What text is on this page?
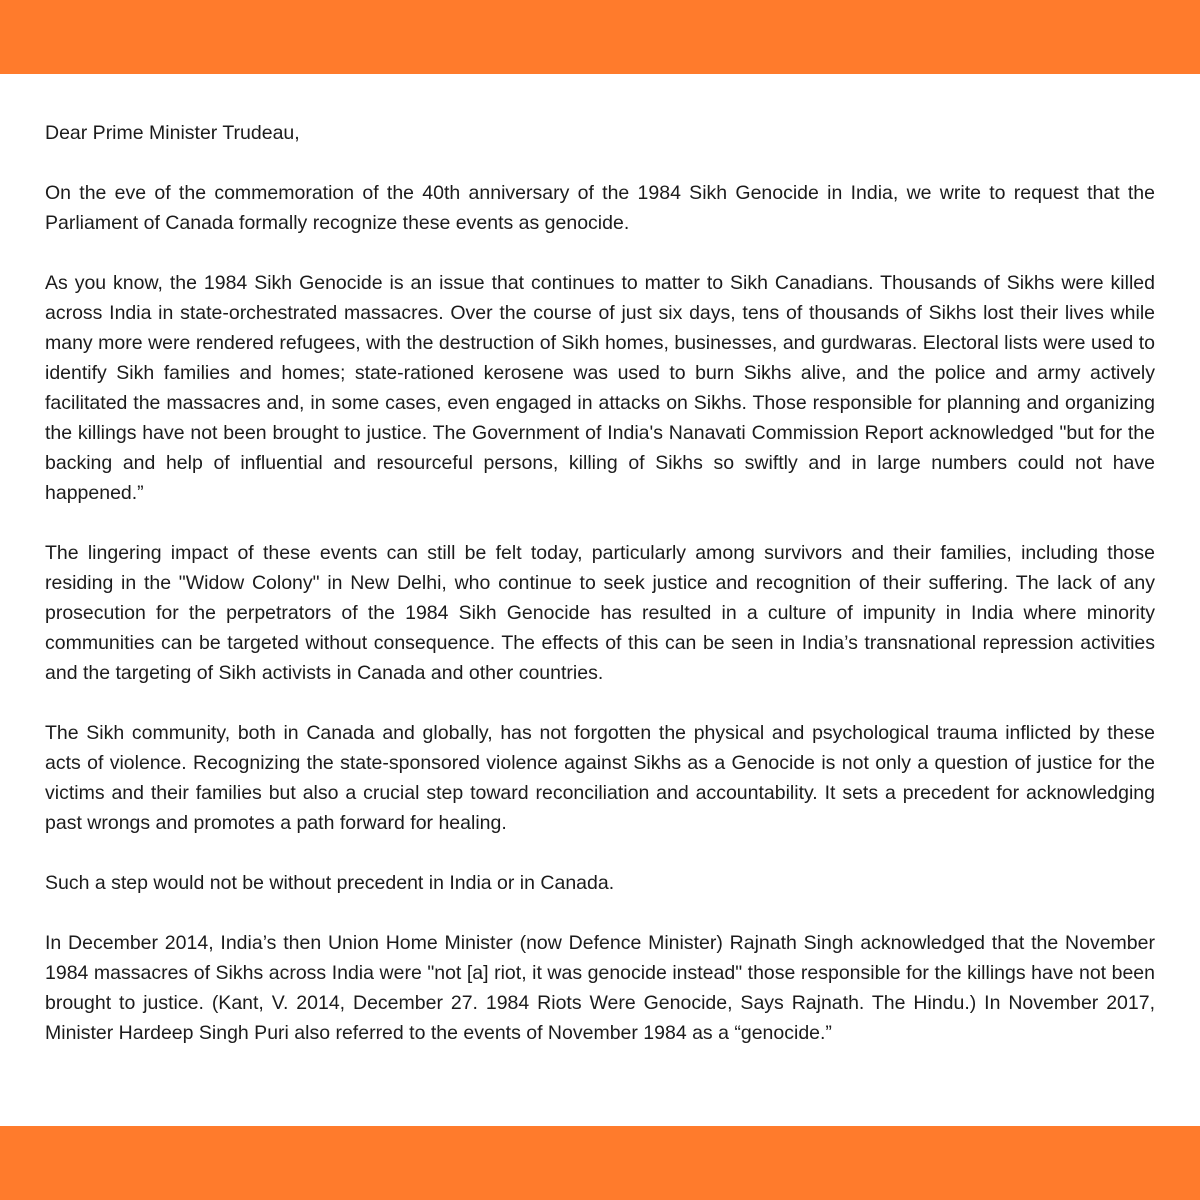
Dear Prime Minister Trudeau,

On the eve of the commemoration of the 40th anniversary of the 1984 Sikh Genocide in India, we write to request that the Parliament of Canada formally recognize these events as genocide.

As you know, the 1984 Sikh Genocide is an issue that continues to matter to Sikh Canadians. Thousands of Sikhs were killed across India in state-orchestrated massacres. Over the course of just six days, tens of thousands of Sikhs lost their lives while many more were rendered refugees, with the destruction of Sikh homes, businesses, and gurdwaras. Electoral lists were used to identify Sikh families and homes; state-rationed kerosene was used to burn Sikhs alive, and the police and army actively facilitated the massacres and, in some cases, even engaged in attacks on Sikhs. Those responsible for planning and organizing the killings have not been brought to justice. The Government of India's Nanavati Commission Report acknowledged "but for the backing and help of influential and resourceful persons, killing of Sikhs so swiftly and in large numbers could not have happened.”

The lingering impact of these events can still be felt today, particularly among survivors and their families, including those residing in the "Widow Colony" in New Delhi, who continue to seek justice and recognition of their suffering. The lack of any prosecution for the perpetrators of the 1984 Sikh Genocide has resulted in a culture of impunity in India where minority communities can be targeted without consequence. The effects of this can be seen in India’s transnational repression activities and the targeting of Sikh activists in Canada and other countries.

The Sikh community, both in Canada and globally, has not forgotten the physical and psychological trauma inflicted by these acts of violence. Recognizing the state-sponsored violence against Sikhs as a Genocide is not only a question of justice for the victims and their families but also a crucial step toward reconciliation and accountability. It sets a precedent for acknowledging past wrongs and promotes a path forward for healing.

Such a step would not be without precedent in India or in Canada.

In December 2014, India’s then Union Home Minister (now Defence Minister) Rajnath Singh acknowledged that the November 1984 massacres of Sikhs across India were "not [a] riot, it was genocide instead" those responsible for the killings have not been brought to justice. (Kant, V. 2014, December 27. 1984 Riots Were Genocide, Says Rajnath. The Hindu.) In November 2017, Minister Hardeep Singh Puri also referred to the events of November 1984 as a “genocide.”
